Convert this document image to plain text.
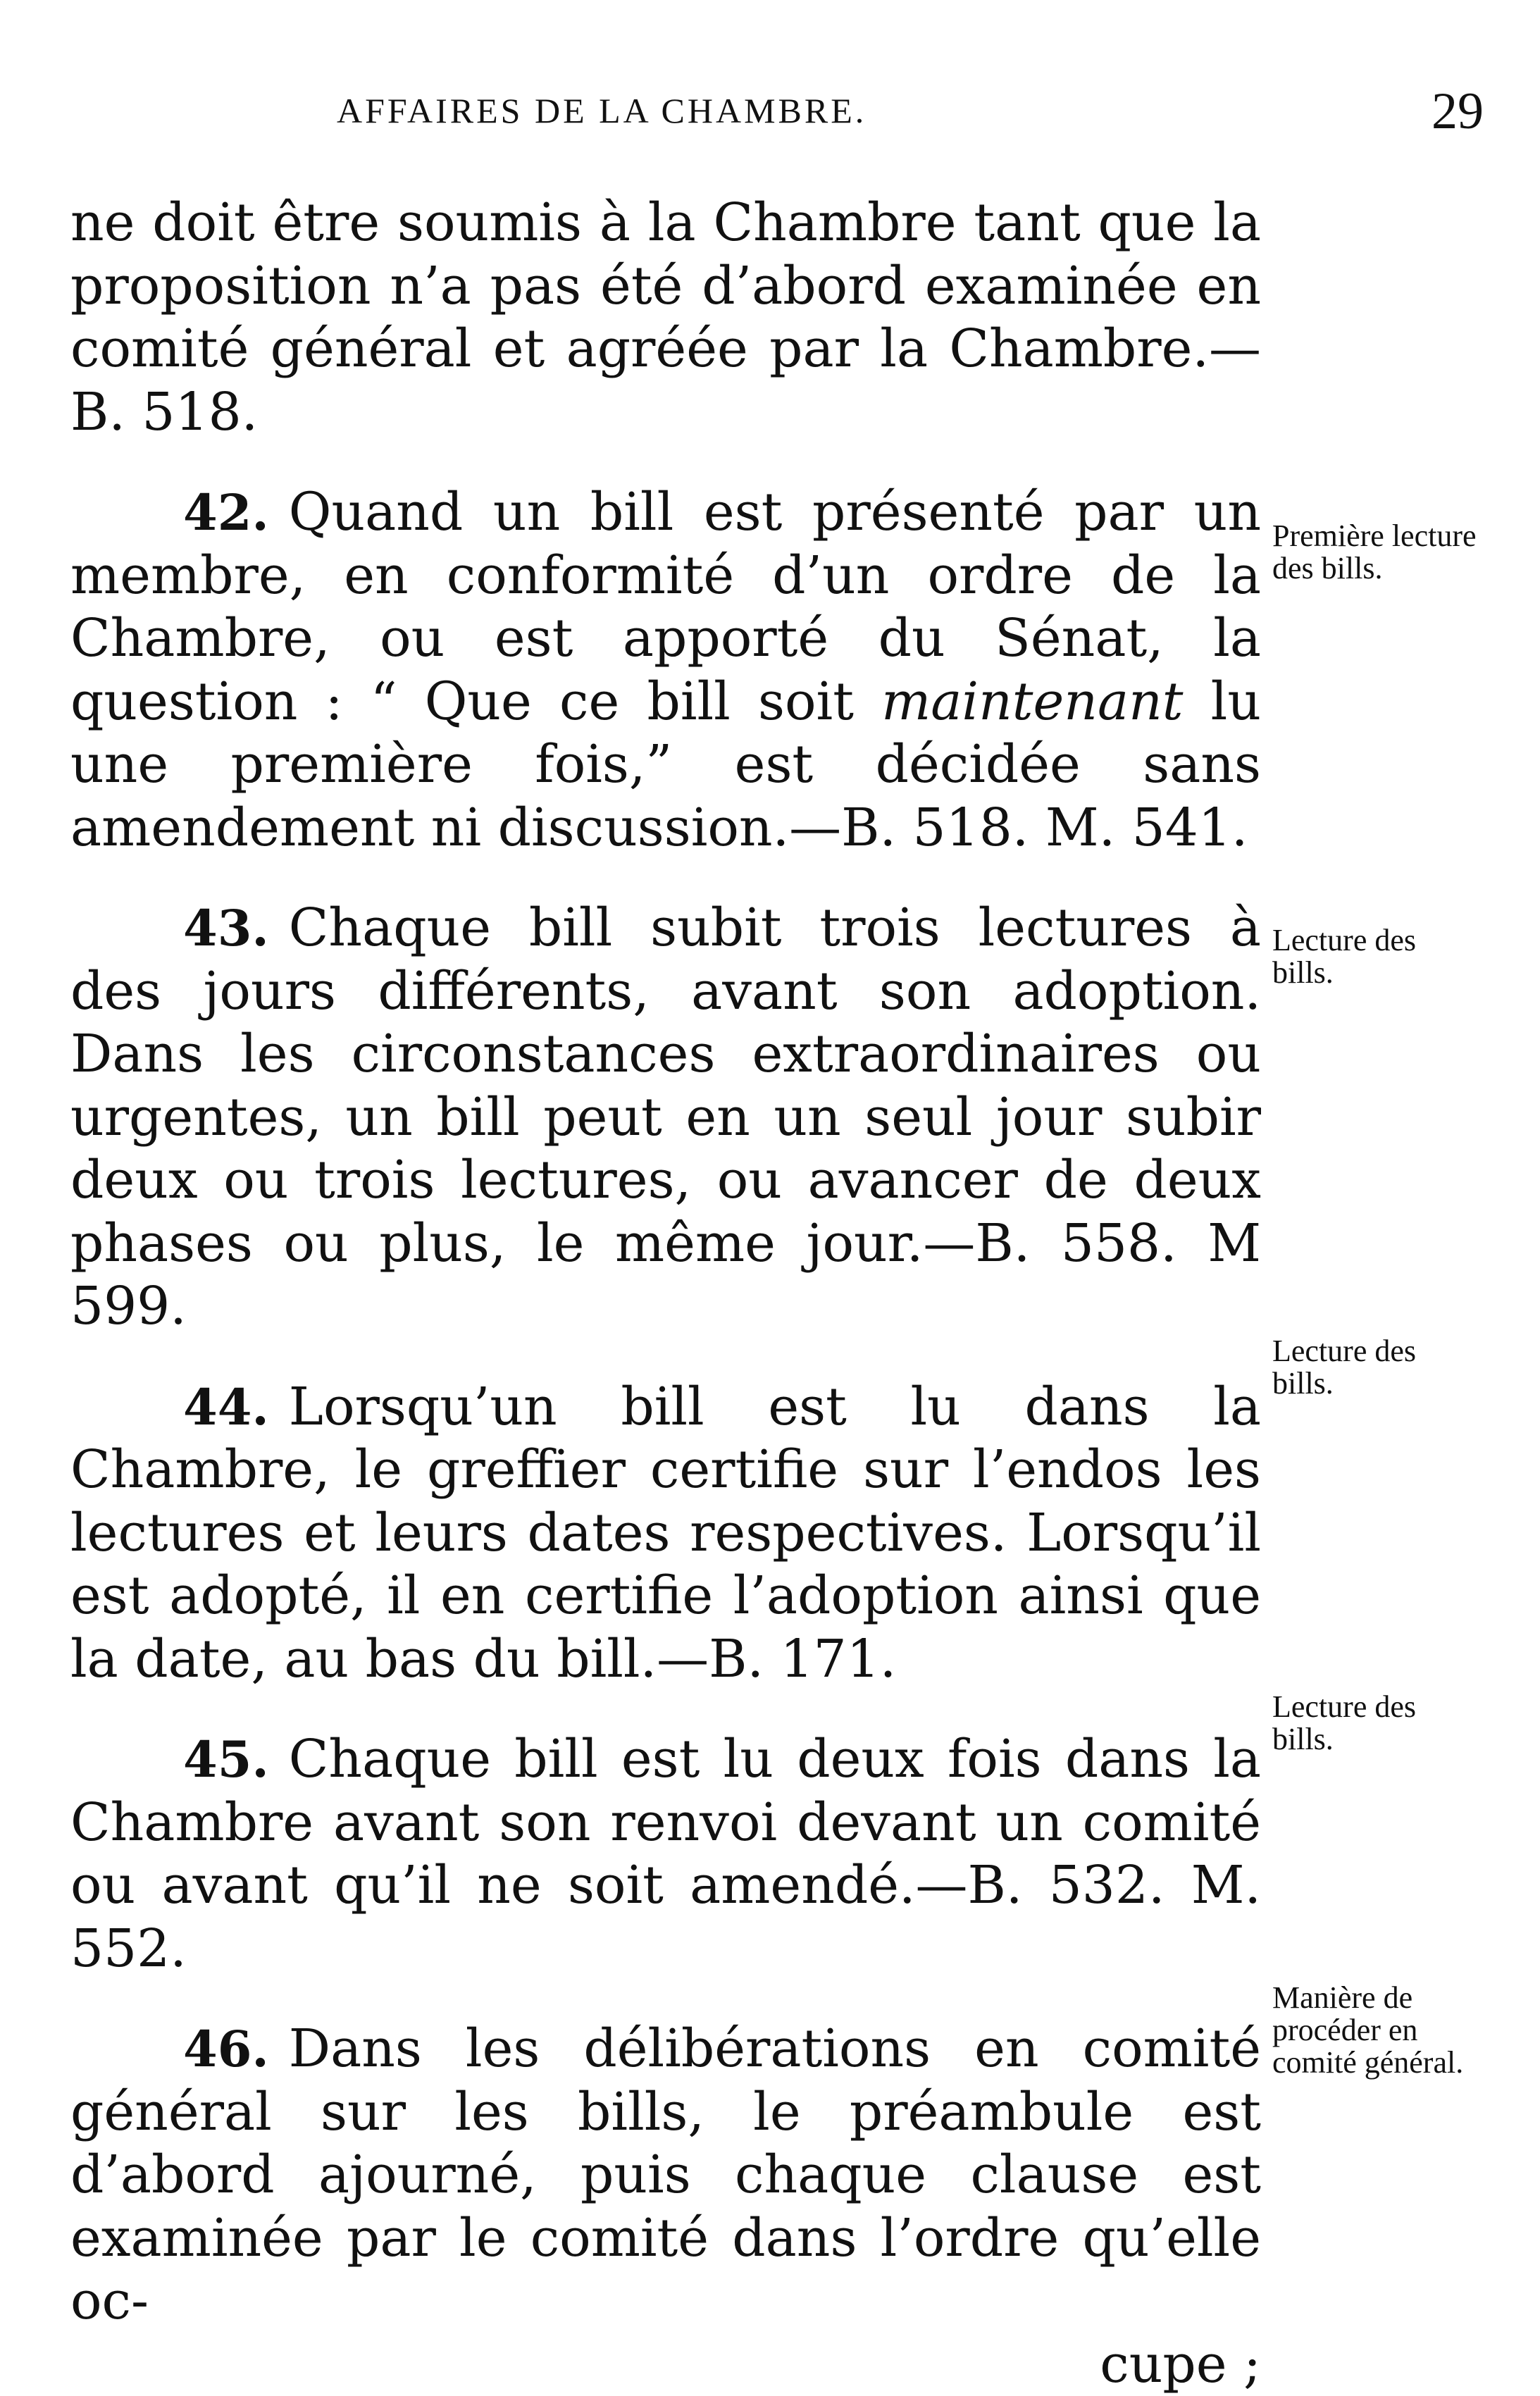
AFFAIRES DE LA CHAMBRE.	29

ne doit être soumis à la Chambre tant que la proposition n’a pas été d’abord examinée en comité général et agréée par la Chambre.—B. 518.

42. Quand un bill est présenté par un membre, en conformité d’un ordre de la Chambre, ou est apporté du Sénat, la question : “ Que ce bill soit maintenant lu une première fois,” est décidée sans amendement ni discussion.—B. 518. M. 541.

43. Chaque bill subit trois lectures à des jours différents, avant son adoption. Dans les circonstances extraordinaires ou urgentes, un bill peut en un seul jour subir deux ou trois lectures, ou avancer de deux phases ou plus, le même jour.—B. 558. M 599.

44. Lorsqu’un bill est lu dans la Chambre, le greffier certifie sur l’endos les lectures et leurs dates respectives. Lorsqu’il est adopté, il en certifie l’adoption ainsi que la date, au bas du bill.—B. 171.

45. Chaque bill est lu deux fois dans la Chambre avant son renvoi devant un comité ou avant qu’il ne soit amendé.—B. 532. M. 552.

46. Dans les délibérations en comité général sur les bills, le préambule est d’abord ajourné, puis chaque clause est examinée par le comité dans l’ordre qu’elle oc-

cupe ;

Première lecture des bills.
Lecture des bills.
Lecture des bills.
Lecture des bills.
Manière de procéder en comité général.
